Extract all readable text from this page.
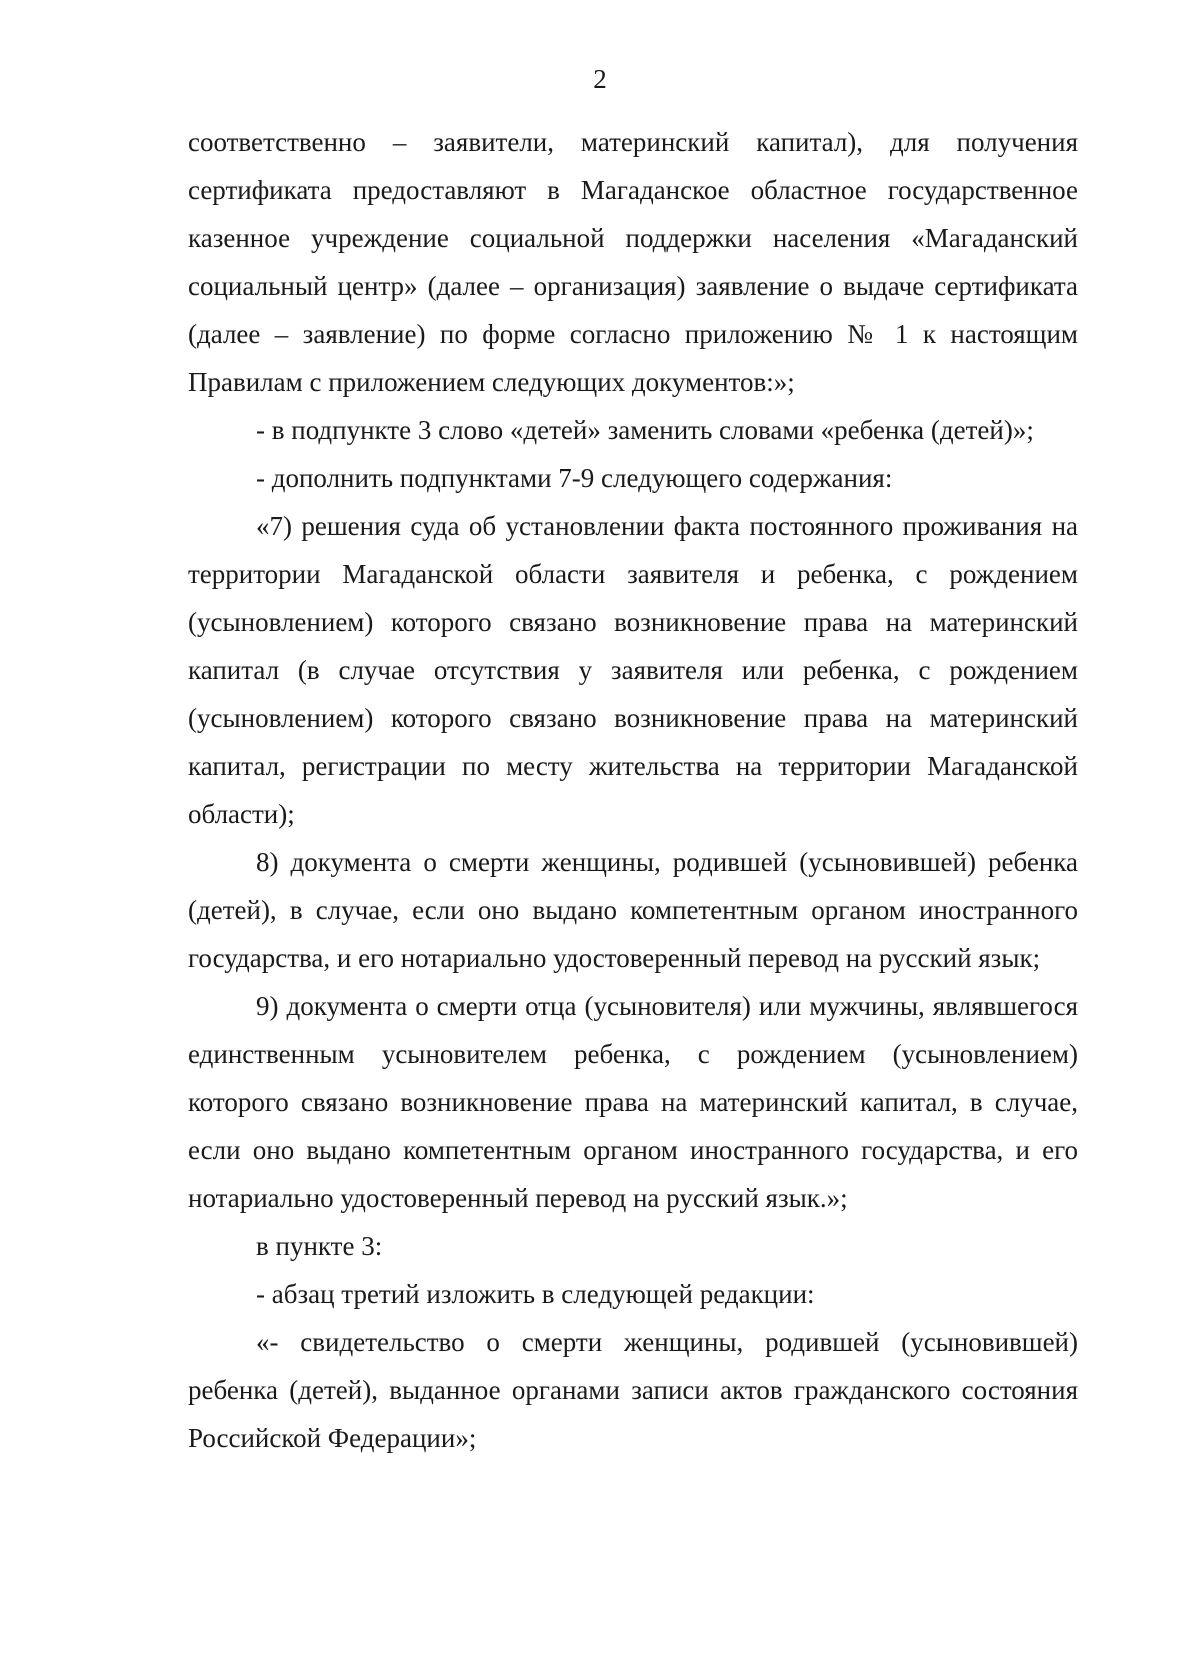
2

соответственно – заявители, материнский капитал), для получения сертификата предоставляют в Магаданское областное государственное казенное учреждение социальной поддержки населения «Магаданский социальный центр» (далее – организация) заявление о выдаче сертификата (далее – заявление) по форме согласно приложению № 1 к настоящим Правилам с приложением следующих документов:»;

- в подпункте 3 слово «детей» заменить словами «ребенка (детей)»;

- дополнить подпунктами 7-9 следующего содержания:

«7) решения суда об установлении факта постоянного проживания на территории Магаданской области заявителя и ребенка, с рождением (усыновлением) которого связано возникновение права на материнский капитал (в случае отсутствия у заявителя или ребенка, с рождением (усыновлением) которого связано возникновение права на материнский капитал, регистрации по месту жительства на территории Магаданской области);

8) документа о смерти женщины, родившей (усыновившей) ребенка (детей), в случае, если оно выдано компетентным органом иностранного государства, и его нотариально удостоверенный перевод на русский язык;

9) документа о смерти отца (усыновителя) или мужчины, являвшегося единственным усыновителем ребенка, с рождением (усыновлением) которого связано возникновение права на материнский капитал, в случае, если оно выдано компетентным органом иностранного государства, и его нотариально удостоверенный перевод на русский язык.»;

в пункте 3:

- абзац третий изложить в следующей редакции:

«- свидетельство о смерти женщины, родившей (усыновившей) ребенка (детей), выданное органами записи актов гражданского состояния Российской Федерации»;
